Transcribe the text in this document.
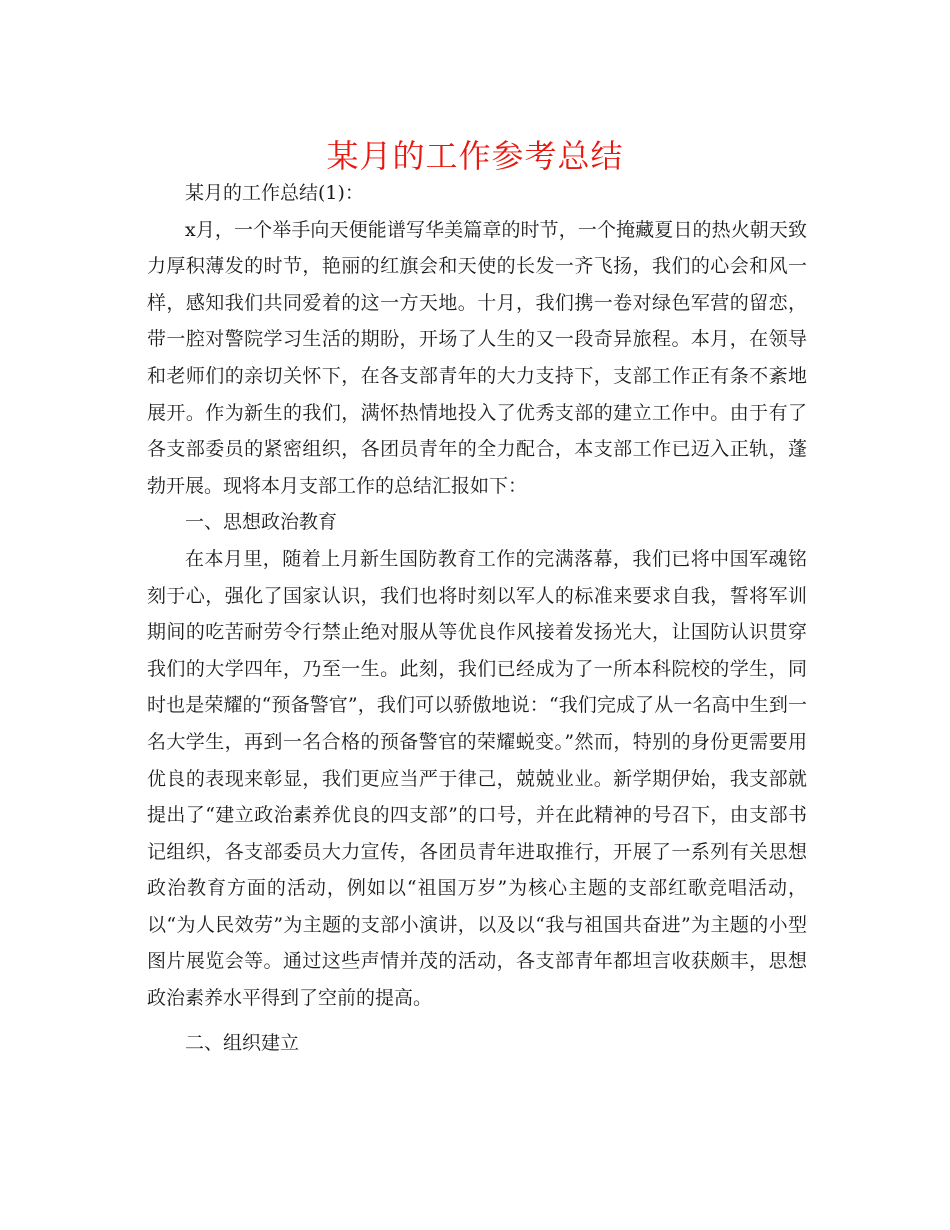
某月的工作参考总结

某月的工作总结(1)：

x月，一个举手向天便能谱写华美篇章的时节，一个掩藏夏日的热火朝天致力厚积薄发的时节，艳丽的红旗会和天使的长发一齐飞扬，我们的心会和风一样，感知我们共同爱着的这一方天地。十月，我们携一卷对绿色军营的留恋，带一腔对警院学习生活的期盼，开场了人生的又一段奇异旅程。本月，在领导和老师们的亲切关怀下，在各支部青年的大力支持下，支部工作正有条不紊地展开。作为新生的我们，满怀热情地投入了优秀支部的建立工作中。由于有了各支部委员的紧密组织，各团员青年的全力配合，本支部工作已迈入正轨，蓬勃开展。现将本月支部工作的总结汇报如下：

一、思想政治教育

在本月里，随着上月新生国防教育工作的完满落幕，我们已将中国军魂铭刻于心，强化了国家认识，我们也将时刻以军人的标准来要求自我，誓将军训期间的吃苦耐劳令行禁止绝对服从等优良作风接着发扬光大，让国防认识贯穿我们的大学四年，乃至一生。此刻，我们已经成为了一所本科院校的学生，同时也是荣耀的“预备警官”，我们可以骄傲地说：“我们完成了从一名高中生到一名大学生，再到一名合格的预备警官的荣耀蜕变。”然而，特别的身份更需要用优良的表现来彰显，我们更应当严于律己，兢兢业业。新学期伊始，我支部就提出了“建立政治素养优良的四支部”的口号，并在此精神的号召下，由支部书记组织，各支部委员大力宣传，各团员青年进取推行，开展了一系列有关思想政治教育方面的活动，例如以“祖国万岁”为核心主题的支部红歌竞唱活动，以“为人民效劳”为主题的支部小演讲，以及以“我与祖国共奋进”为主题的小型图片展览会等。通过这些声情并茂的活动，各支部青年都坦言收获颇丰，思想政治素养水平得到了空前的提高。

二、组织建立
